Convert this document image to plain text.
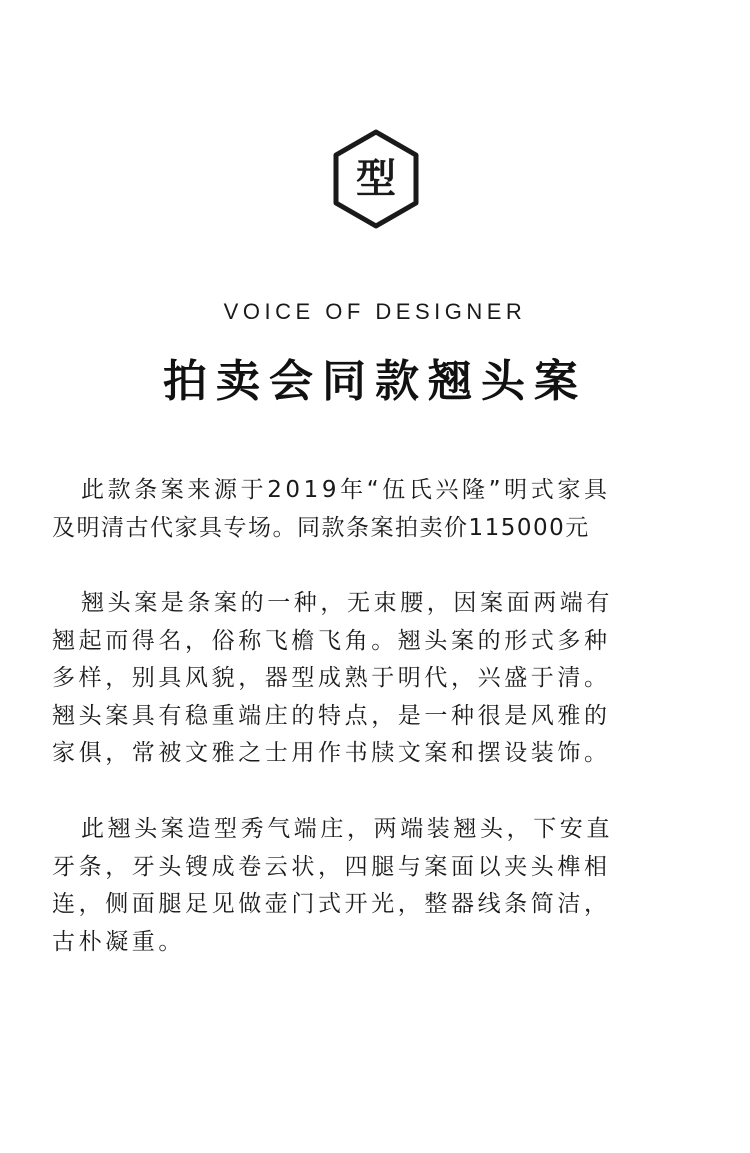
型
VOICE OF DESIGNER
拍卖会同款翘头案

此款条案来源于2019年“伍氏兴隆”明式家具
及明清古代家具专场。同款条案拍卖价115000元

翘头案是条案的一种，无束腰，因案面两端有
翘起而得名，俗称飞檐飞角。翘头案的形式多种
多样，别具风貌，器型成熟于明代，兴盛于清。
翘头案具有稳重端庄的特点，是一种很是风雅的
家俱，常被文雅之士用作书牍文案和摆设装饰。

此翘头案造型秀气端庄，两端装翘头，下安直
牙条，牙头锼成卷云状，四腿与案面以夹头榫相
连，侧面腿足见做壶门式开光，整器线条简洁，
古朴凝重。
